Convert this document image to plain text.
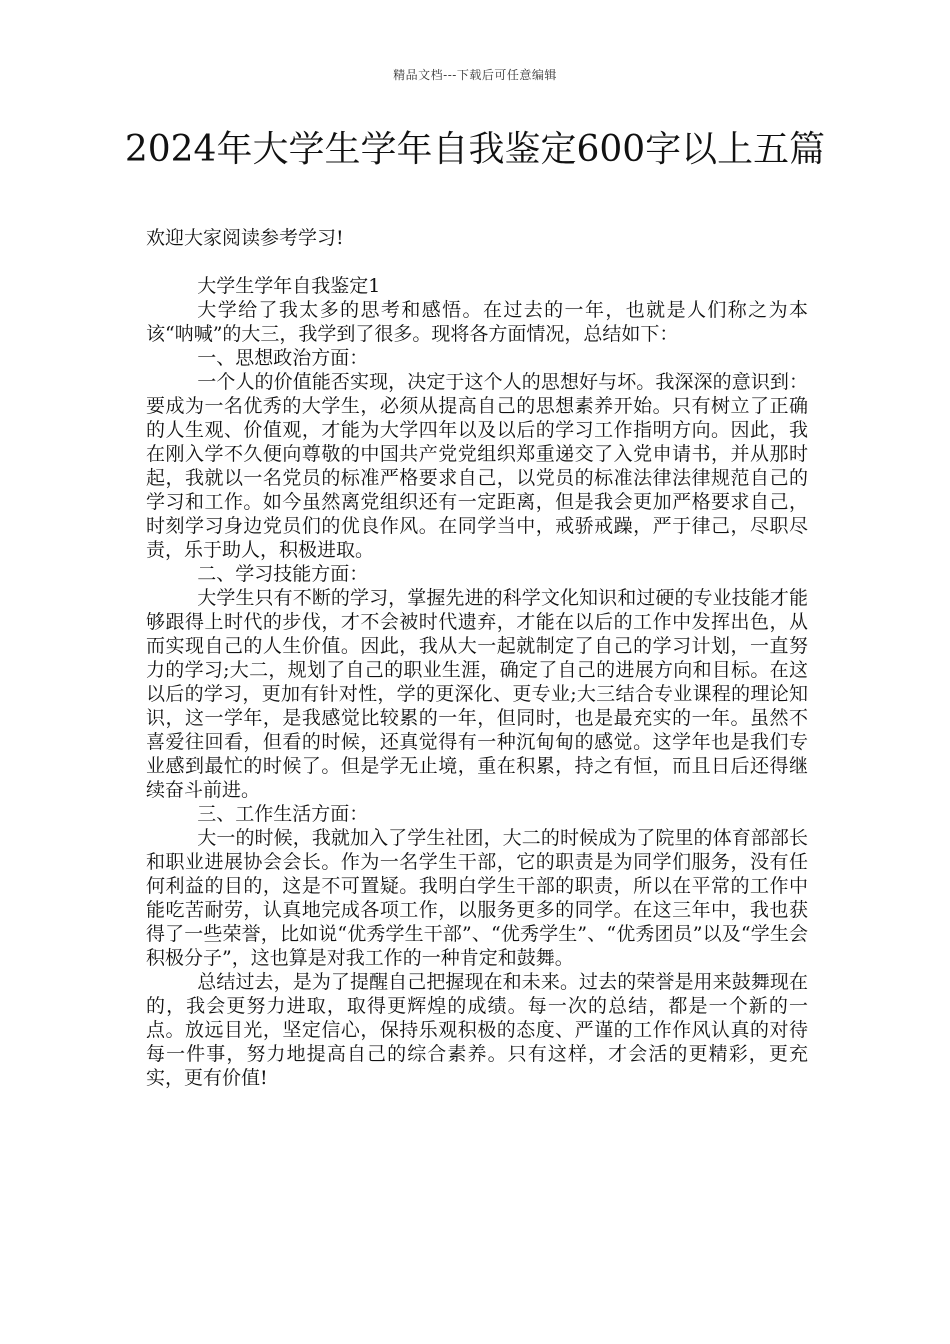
精品文档---下载后可任意编辑
2024年大学生学年自我鉴定600字以上五篇

欢迎大家阅读参考学习!

大学生学年自我鉴定1

大学给了我太多的思考和感悟。在过去的一年，也就是人们称之为本该“呐喊”的大三，我学到了很多。现将各方面情况，总结如下：

一、思想政治方面：

一个人的价值能否实现，决定于这个人的思想好与坏。我深深的意识到：要成为一名优秀的大学生，必须从提高自己的思想素养开始。只有树立了正确的人生观、价值观，才能为大学四年以及以后的学习工作指明方向。因此，我在刚入学不久便向尊敬的中国共产党党组织郑重递交了入党申请书，并从那时起，我就以一名党员的标准严格要求自己，以党员的标准法律法律规范自己的学习和工作。如今虽然离党组织还有一定距离，但是我会更加严格要求自己，时刻学习身边党员们的优良作风。在同学当中，戒骄戒躁，严于律己，尽职尽责，乐于助人，积极进取。

二、学习技能方面：

大学生只有不断的学习，掌握先进的科学文化知识和过硬的专业技能才能够跟得上时代的步伐，才不会被时代遗弃，才能在以后的工作中发挥出色，从而实现自己的人生价值。因此，我从大一起就制定了自己的学习计划，一直努力的学习;大二，规划了自己的职业生涯，确定了自己的进展方向和目标。在这以后的学习，更加有针对性，学的更深化、更专业;大三结合专业课程的理论知识，这一学年，是我感觉比较累的一年，但同时，也是最充实的一年。虽然不喜爱往回看，但看的时候，还真觉得有一种沉甸甸的感觉。这学年也是我们专业感到最忙的时候了。但是学无止境，重在积累，持之有恒，而且日后还得继续奋斗前进。

三、工作生活方面：

大一的时候，我就加入了学生社团，大二的时候成为了院里的体育部部长和职业进展协会会长。作为一名学生干部，它的职责是为同学们服务，没有任何利益的目的，这是不可置疑。我明白学生干部的职责，所以在平常的工作中能吃苦耐劳，认真地完成各项工作，以服务更多的同学。在这三年中，我也获得了一些荣誉，比如说“优秀学生干部”、“优秀学生”、“优秀团员”以及“学生会积极分子”，这也算是对我工作的一种肯定和鼓舞。

总结过去，是为了提醒自己把握现在和未来。过去的荣誉是用来鼓舞现在的，我会更努力进取，取得更辉煌的成绩。每一次的总结，都是一个新的一点。放远目光，坚定信心，保持乐观积极的态度、严谨的工作作风认真的对待每一件事，努力地提高自己的综合素养。只有这样，才会活的更精彩，更充实，更有价值!
